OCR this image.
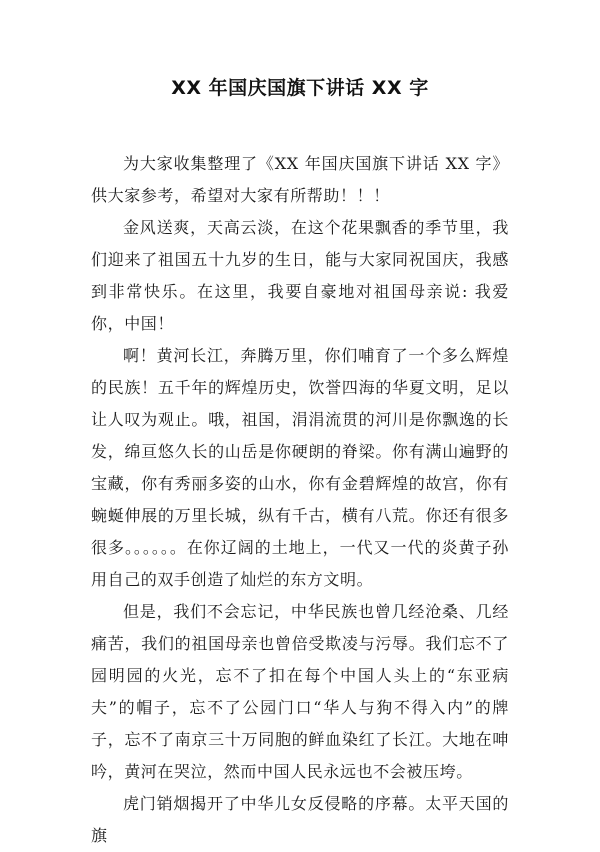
XX 年国庆国旗下讲话 XX 字

为大家收集整理了《XX 年国庆国旗下讲话 XX 字》供大家参考，希望对大家有所帮助！！！

金风送爽，天高云淡，在这个花果飘香的季节里，我们迎来了祖国五十九岁的生日，能与大家同祝国庆，我感到非常快乐。在这里，我要自豪地对祖国母亲说: 我爱你，中国！

啊！黄河长江，奔腾万里，你们哺育了一个多么辉煌的民族！五千年的辉煌历史，饮誉四海的华夏文明，足以让人叹为观止。哦，祖国，涓涓流贯的河川是你飘逸的长发，绵亘悠久长的山岳是你硬朗的脊梁。你有满山遍野的宝藏，你有秀丽多姿的山水，你有金碧辉煌的故宫，你有蜿蜒伸展的万里长城，纵有千古，横有八荒。你还有很多很多。。。。。。在你辽阔的土地上，一代又一代的炎黄子孙用自己的双手创造了灿烂的东方文明。

但是，我们不会忘记，中华民族也曾几经沧桑、几经痛苦，我们的祖国母亲也曾倍受欺凌与污辱。我们忘不了园明园的火光，忘不了扣在每个中国人头上的“东亚病夫”的帽子，忘不了公园门口“华人与狗不得入内”的牌子，忘不了南京三十万同胞的鲜血染红了长江。大地在呻吟，黄河在哭泣，然而中国人民永远也不会被压垮。

虎门销烟揭开了中华儿女反侵略的序幕。太平天国的旗
